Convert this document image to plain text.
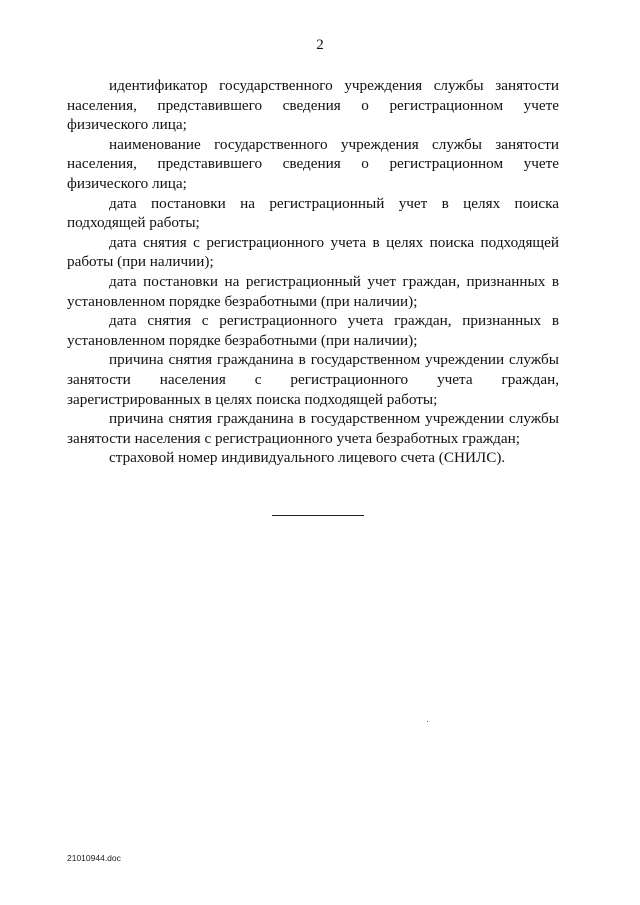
2

идентификатор государственного учреждения службы занятости населения, представившего сведения о регистрационном учете физического лица;

наименование государственного учреждения службы занятости населения, представившего сведения о регистрационном учете физического лица;

дата постановки на регистрационный учет в целях поиска подходящей работы;

дата снятия с регистрационного учета в целях поиска подходящей работы (при наличии);

дата постановки на регистрационный учет граждан, признанных в установленном порядке безработными (при наличии);

дата снятия с регистрационного учета граждан, признанных в установленном порядке безработными (при наличии);

причина снятия гражданина в государственном учреждении службы занятости населения с регистрационного учета граждан, зарегистрированных в целях поиска подходящей работы;

причина снятия гражданина в государственном учреждении службы занятости населения с регистрационного учета безработных граждан;

страховой номер индивидуального лицевого счета (СНИЛС).

21010944.doc
